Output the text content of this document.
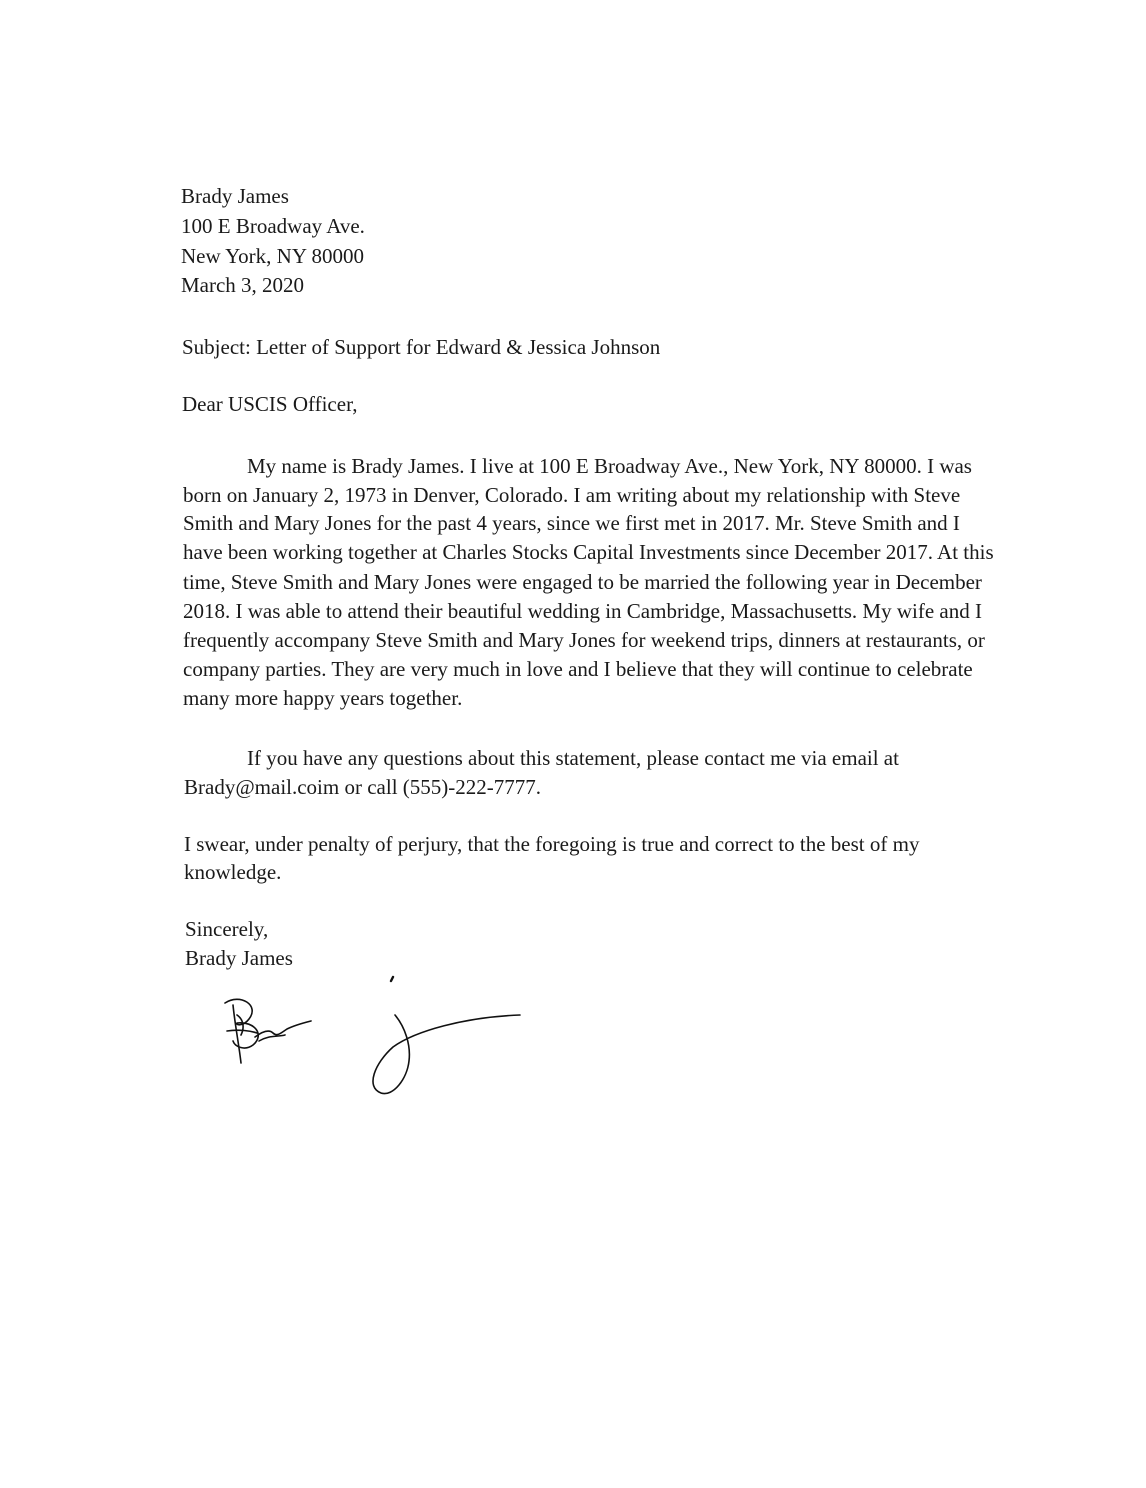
Brady James
100 E Broadway Ave.
New York, NY 80000
March 3, 2020
Subject: Letter of Support for Edward & Jessica Johnson
Dear USCIS Officer,
My name is Brady James. I live at 100 E Broadway Ave., New York, NY 80000. I was
born on January 2, 1973 in Denver, Colorado. I am writing about my relationship with Steve
Smith and Mary Jones for the past 4 years, since we first met in 2017. Mr. Steve Smith and I
have been working together at Charles Stocks Capital Investments since December 2017. At this
time, Steve Smith and Mary Jones were engaged to be married the following year in December
2018. I was able to attend their beautiful wedding in Cambridge, Massachusetts. My wife and I
frequently accompany Steve Smith and Mary Jones for weekend trips, dinners at restaurants, or
company parties. They are very much in love and I believe that they will continue to celebrate
many more happy years together.
If you have any questions about this statement, please contact me via email at
Brady@mail.coim or call (555)-222-7777.
I swear, under penalty of perjury, that the foregoing is true and correct to the best of my
knowledge.
Sincerely,
Brady James
